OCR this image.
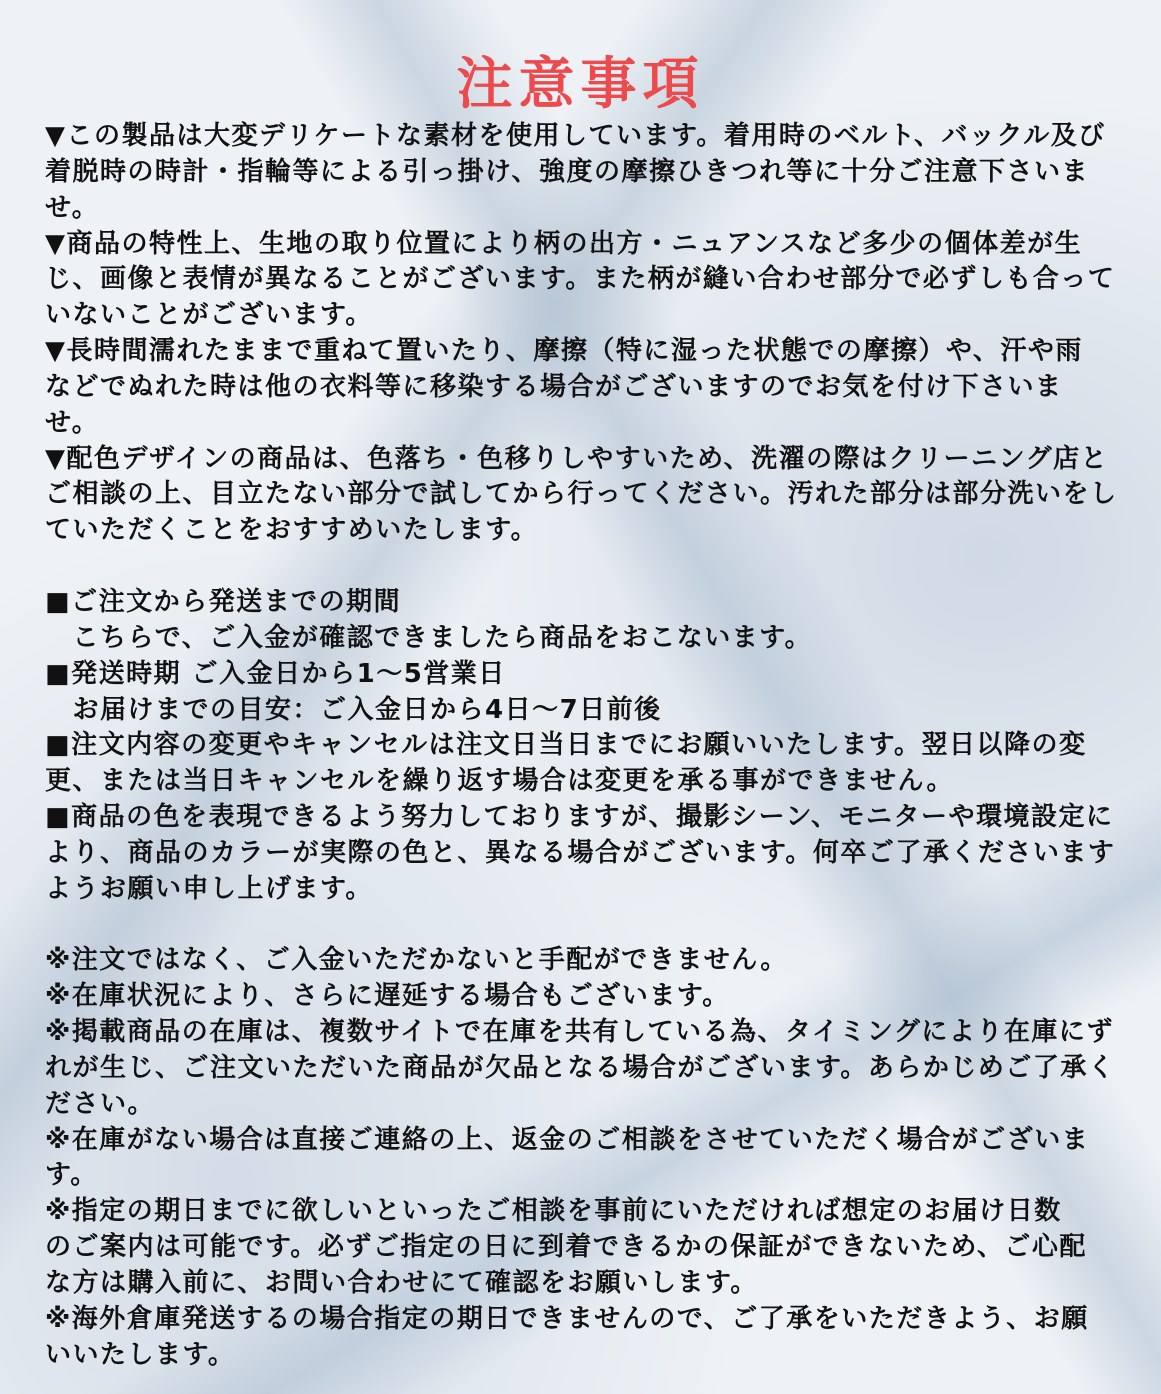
注意事項
▼この製品は大変デリケートな素材を使用しています。着用時のベルト、バックル及び
着脱時の時計・指輪等による引っ掛け、強度の摩擦ひきつれ等に十分ご注意下さいま
せ。
▼商品の特性上、生地の取り位置により柄の出方・ニュアンスなど多少の個体差が生
じ、画像と表情が異なることがございます。また柄が縫い合わせ部分で必ずしも合って
いないことがございます。
▼長時間濡れたままで重ねて置いたり、摩擦（特に湿った状態での摩擦）や、汗や雨
などでぬれた時は他の衣料等に移染する場合がございますのでお気を付け下さいま
せ。
▼配色デザインの商品は、色落ち・色移りしやすいため、洗濯の際はクリーニング店と
ご相談の上、目立たない部分で試してから行ってください。汚れた部分は部分洗いをし
ていただくことをおすすめいたします。
■ご注文から発送までの期間
　こちらで、ご入金が確認できましたら商品をおこないます。
■発送時期 ご入金日から1～5営業日
　お届けまでの目安：ご入金日から4日～7日前後
■注文内容の変更やキャンセルは注文日当日までにお願いいたします。翌日以降の変
更、または当日キャンセルを繰り返す場合は変更を承る事ができません。
■商品の色を表現できるよう努力しておりますが、撮影シーン、モニターや環境設定に
より、商品のカラーが実際の色と、異なる場合がございます。何卒ご了承くださいます
ようお願い申し上げます。
※注文ではなく、ご入金いただかないと手配ができません。
※在庫状況により、さらに遅延する場合もございます。
※掲載商品の在庫は、複数サイトで在庫を共有している為、タイミングにより在庫にず
れが生じ、ご注文いただいた商品が欠品となる場合がございます。あらかじめご了承く
ださい。
※在庫がない場合は直接ご連絡の上、返金のご相談をさせていただく場合がございま
す。
※指定の期日までに欲しいといったご相談を事前にいただければ想定のお届け日数
のご案内は可能です。必ずご指定の日に到着できるかの保証ができないため、ご心配
な方は購入前に、お問い合わせにて確認をお願いします。
※海外倉庫発送するの場合指定の期日できませんので、ご了承をいただきよう、お願
いいたします。
